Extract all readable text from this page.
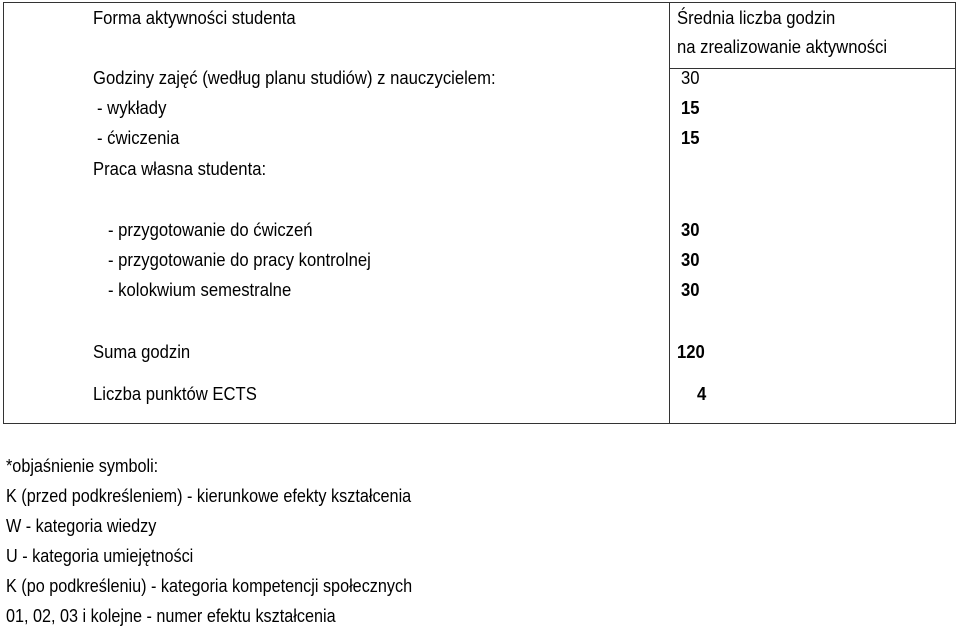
Forma aktywności studenta	Średnia liczba godzin
na zrealizowanie aktywności
Godziny zajęć (według planu studiów) z nauczycielem:	30
- wykłady	15
- ćwiczenia	15
Praca własna studenta:
- przygotowanie do ćwiczeń	30
- przygotowanie do pracy kontrolnej	30
- kolokwium semestralne	30
Suma godzin	120
Liczba punktów ECTS	4
*objaśnienie symboli:
K (przed podkreśleniem) - kierunkowe efekty kształcenia
W - kategoria wiedzy
U - kategoria umiejętności
K (po podkreśleniu) - kategoria kompetencji społecznych
01, 02, 03 i kolejne - numer efektu kształcenia
